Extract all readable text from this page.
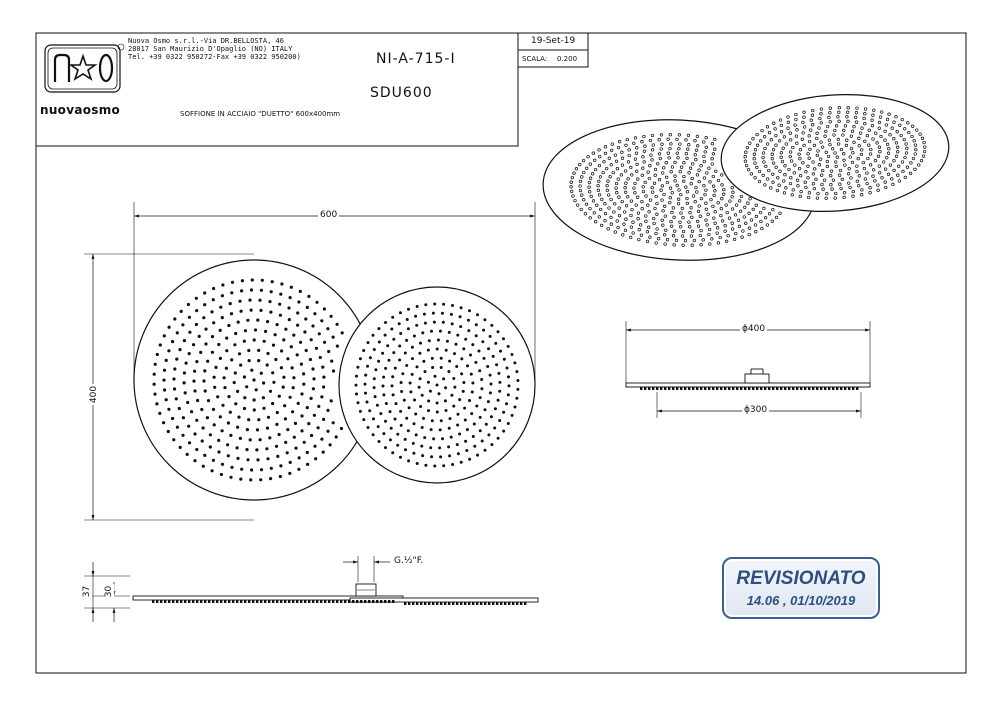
Nuova Osmo s.r.l.-Via DR.BELLOSTA, 46
28017 San Maurizio D'Opaglio (NO) ITALY
Tel. +39 0322 950272-Fax +39 0322 950200)
nuovaosmo
NI-A-715-I
SDU600
SOFFIONE IN ACCIAIO "DUETTO" 600x400mm
19-Set-19
SCALA: 0.200
600
400
ϕ400
ϕ300
G.½"F.
37 30
REVISIONATO
14.06 , 01/10/2019
